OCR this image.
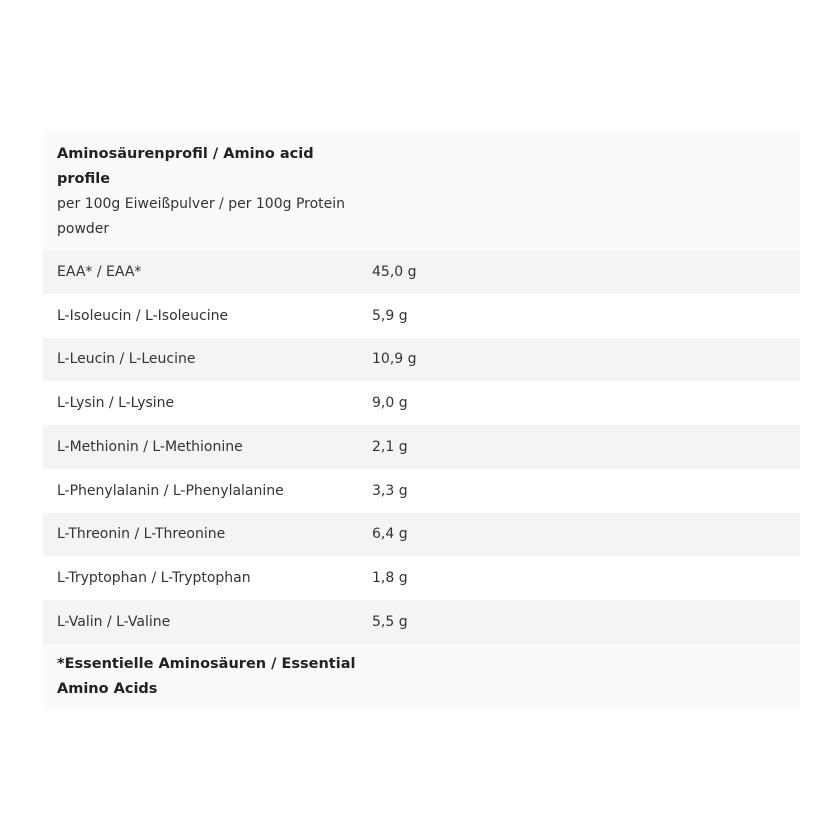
Aminosäurenprofil / Amino acid profile
per 100g Eiweißpulver / per 100g Protein powder
EAA* / EAA*	45,0 g
L-Isoleucin / L-Isoleucine	5,9 g
L-Leucin / L-Leucine	10,9 g
L-Lysin / L-Lysine	9,0 g
L-Methionin / L-Methionine	2,1 g
L-Phenylalanin / L-Phenylalanine	3,3 g
L-Threonin / L-Threonine	6,4 g
L-Tryptophan / L-Tryptophan	1,8 g
L-Valin / L-Valine	5,5 g
*Essentielle Aminosäuren / Essential Amino Acids
